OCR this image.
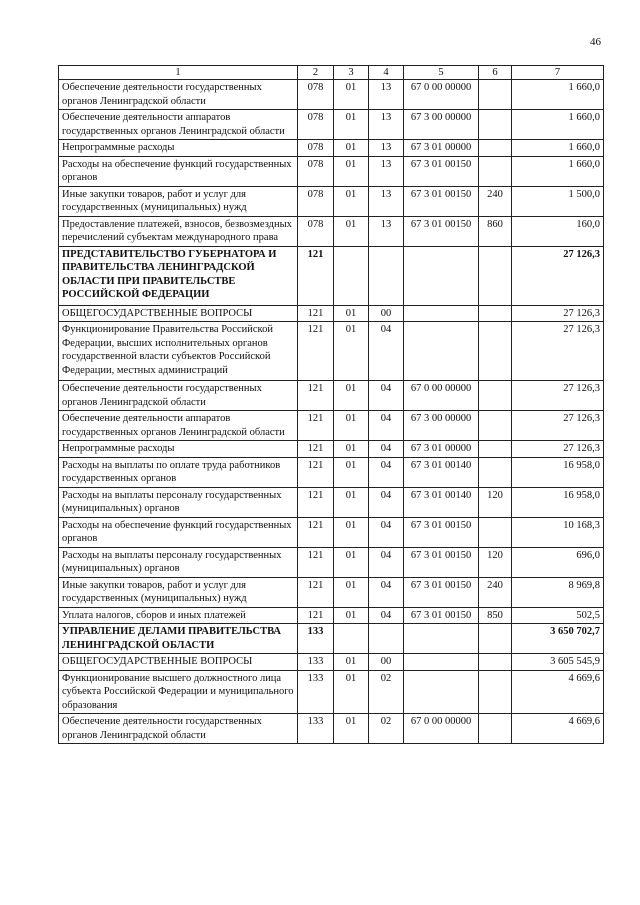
46
1	2	3	4	5	6	7
Обеспечение деятельности государственных органов Ленинградской области	078	01	13	67 0 00 00000		1 660,0
Обеспечение деятельности аппаратов государственных органов Ленинградской области	078	01	13	67 3 00 00000		1 660,0
Непрограммные расходы	078	01	13	67 3 01 00000		1 660,0
Расходы на обеспечение функций государственных органов	078	01	13	67 3 01 00150		1 660,0
Иные закупки товаров, работ и услуг для государственных (муниципальных) нужд	078	01	13	67 3 01 00150	240	1 500,0
Предоставление платежей, взносов, безвозмездных перечислений субъектам международного права	078	01	13	67 3 01 00150	860	160,0
ПРЕДСТАВИТЕЛЬСТВО ГУБЕРНАТОРА И ПРАВИТЕЛЬСТВА ЛЕНИНГРАДСКОЙ ОБЛАСТИ ПРИ ПРАВИТЕЛЬСТВЕ РОССИЙСКОЙ ФЕДЕРАЦИИ	121					27 126,3
ОБЩЕГОСУДАРСТВЕННЫЕ ВОПРОСЫ	121	01	00			27 126,3
Функционирование Правительства Российской Федерации, высших исполнительных органов государственной власти субъектов Российской Федерации, местных администраций	121	01	04			27 126,3
Обеспечение деятельности государственных органов Ленинградской области	121	01	04	67 0 00 00000		27 126,3
Обеспечение деятельности аппаратов государственных органов Ленинградской области	121	01	04	67 3 00 00000		27 126,3
Непрограммные расходы	121	01	04	67 3 01 00000		27 126,3
Расходы на выплаты по оплате труда работников государственных органов	121	01	04	67 3 01 00140		16 958,0
Расходы на выплаты персоналу государственных (муниципальных) органов	121	01	04	67 3 01 00140	120	16 958,0
Расходы на обеспечение функций государственных органов	121	01	04	67 3 01 00150		10 168,3
Расходы на выплаты персоналу государственных (муниципальных) органов	121	01	04	67 3 01 00150	120	696,0
Иные закупки товаров, работ и услуг для государственных (муниципальных) нужд	121	01	04	67 3 01 00150	240	8 969,8
Уплата налогов, сборов и иных платежей	121	01	04	67 3 01 00150	850	502,5
УПРАВЛЕНИЕ ДЕЛАМИ ПРАВИТЕЛЬСТВА ЛЕНИНГРАДСКОЙ ОБЛАСТИ	133					3 650 702,7
ОБЩЕГОСУДАРСТВЕННЫЕ ВОПРОСЫ	133	01	00			3 605 545,9
Функционирование высшего должностного лица субъекта Российской Федерации и муниципального образования	133	01	02			4 669,6
Обеспечение деятельности государственных органов Ленинградской области	133	01	02	67 0 00 00000		4 669,6
